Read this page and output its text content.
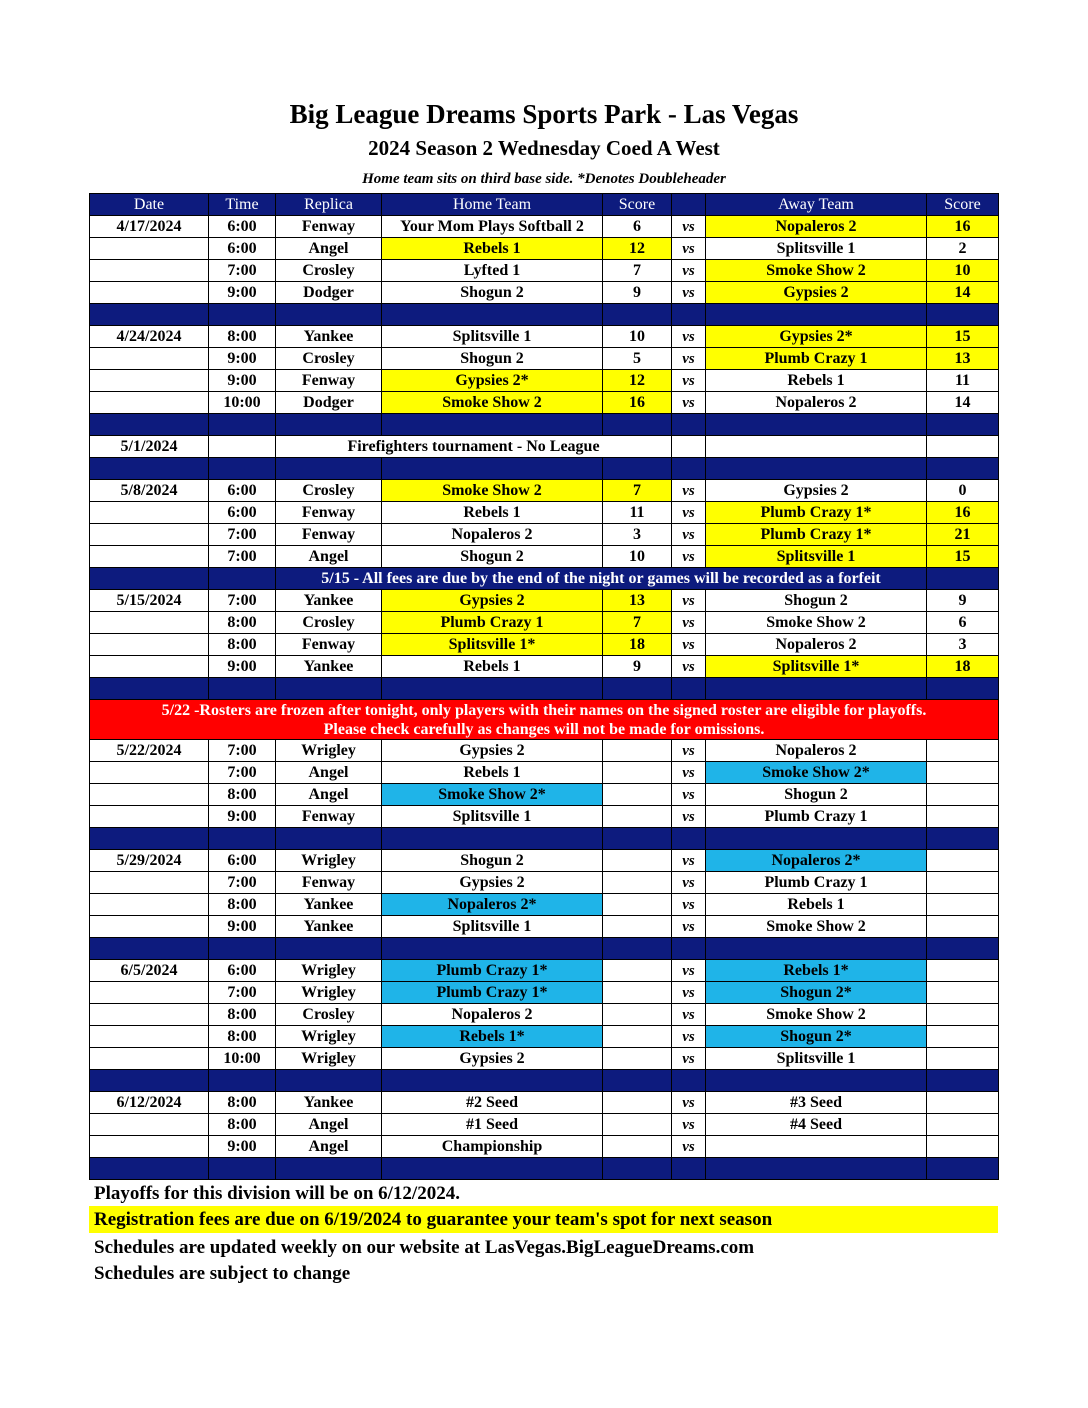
Big League Dreams Sports Park - Las Vegas
2024 Season 2 Wednesday Coed A West
Home team sits on third base side. *Denotes Doubleheader
Date	Time	Replica	Home Team	Score		Away Team	Score
4/17/2024	6:00	Fenway	Your Mom Plays Softball 2	6	vs	Nopaleros 2	16
	6:00	Angel	Rebels 1	12	vs	Splitsville 1	2
	7:00	Crosley	Lyfted 1	7	vs	Smoke Show 2	10
	9:00	Dodger	Shogun 2	9	vs	Gypsies 2	14

4/24/2024	8:00	Yankee	Splitsville 1	10	vs	Gypsies 2*	15
	9:00	Crosley	Shogun 2	5	vs	Plumb Crazy 1	13
	9:00	Fenway	Gypsies 2*	12	vs	Rebels 1	11
	10:00	Dodger	Smoke Show 2	16	vs	Nopaleros 2	14

5/1/2024		Firefighters tournament - No League					

5/8/2024	6:00	Crosley	Smoke Show 2	7	vs	Gypsies 2	0
	6:00	Fenway	Rebels 1	11	vs	Plumb Crazy 1*	16
	7:00	Fenway	Nopaleros 2	3	vs	Plumb Crazy 1*	21
	7:00	Angel	Shogun 2	10	vs	Splitsville 1	15
		5/15 - All fees are due by the end of the night or games will be recorded as a forfeit					
5/15/2024	7:00	Yankee	Gypsies 2	13	vs	Shogun 2	9
	8:00	Crosley	Plumb Crazy 1	7	vs	Smoke Show 2	6
	8:00	Fenway	Splitsville 1*	18	vs	Nopaleros 2	3
	9:00	Yankee	Rebels 1	9	vs	Splitsville 1*	18

5/22 -Rosters are frozen after tonight, only players with their names on the signed roster are eligible for playoffs.
Please check carefully as changes will not be made for omissions.							

5/22/2024	7:00	Wrigley	Gypsies 2		vs	Nopaleros 2	
	7:00	Angel	Rebels 1		vs	Smoke Show 2*	
	8:00	Angel	Smoke Show 2*		vs	Shogun 2	
	9:00	Fenway	Splitsville 1		vs	Plumb Crazy 1	

5/29/2024	6:00	Wrigley	Shogun 2		vs	Nopaleros 2*	
	7:00	Fenway	Gypsies 2		vs	Plumb Crazy 1	
	8:00	Yankee	Nopaleros 2*		vs	Rebels 1	
	9:00	Yankee	Splitsville 1		vs	Smoke Show 2	

6/5/2024	6:00	Wrigley	Plumb Crazy 1*		vs	Rebels 1*	
	7:00	Wrigley	Plumb Crazy 1*		vs	Shogun 2*	
	8:00	Crosley	Nopaleros 2		vs	Smoke Show 2	
	8:00	Wrigley	Rebels 1*		vs	Shogun 2*	
	10:00	Wrigley	Gypsies 2		vs	Splitsville 1	

6/12/2024	8:00	Yankee	#2 Seed		vs	#3 Seed	
	8:00	Angel	#1 Seed		vs	#4 Seed	
	9:00	Angel	Championship		vs		

Playoffs for this division will be on 6/12/2024.
Registration fees are due on 6/19/2024 to guarantee your team's spot for next season
Schedules are updated weekly on our website at LasVegas.BigLeagueDreams.com
Schedules are subject to change
